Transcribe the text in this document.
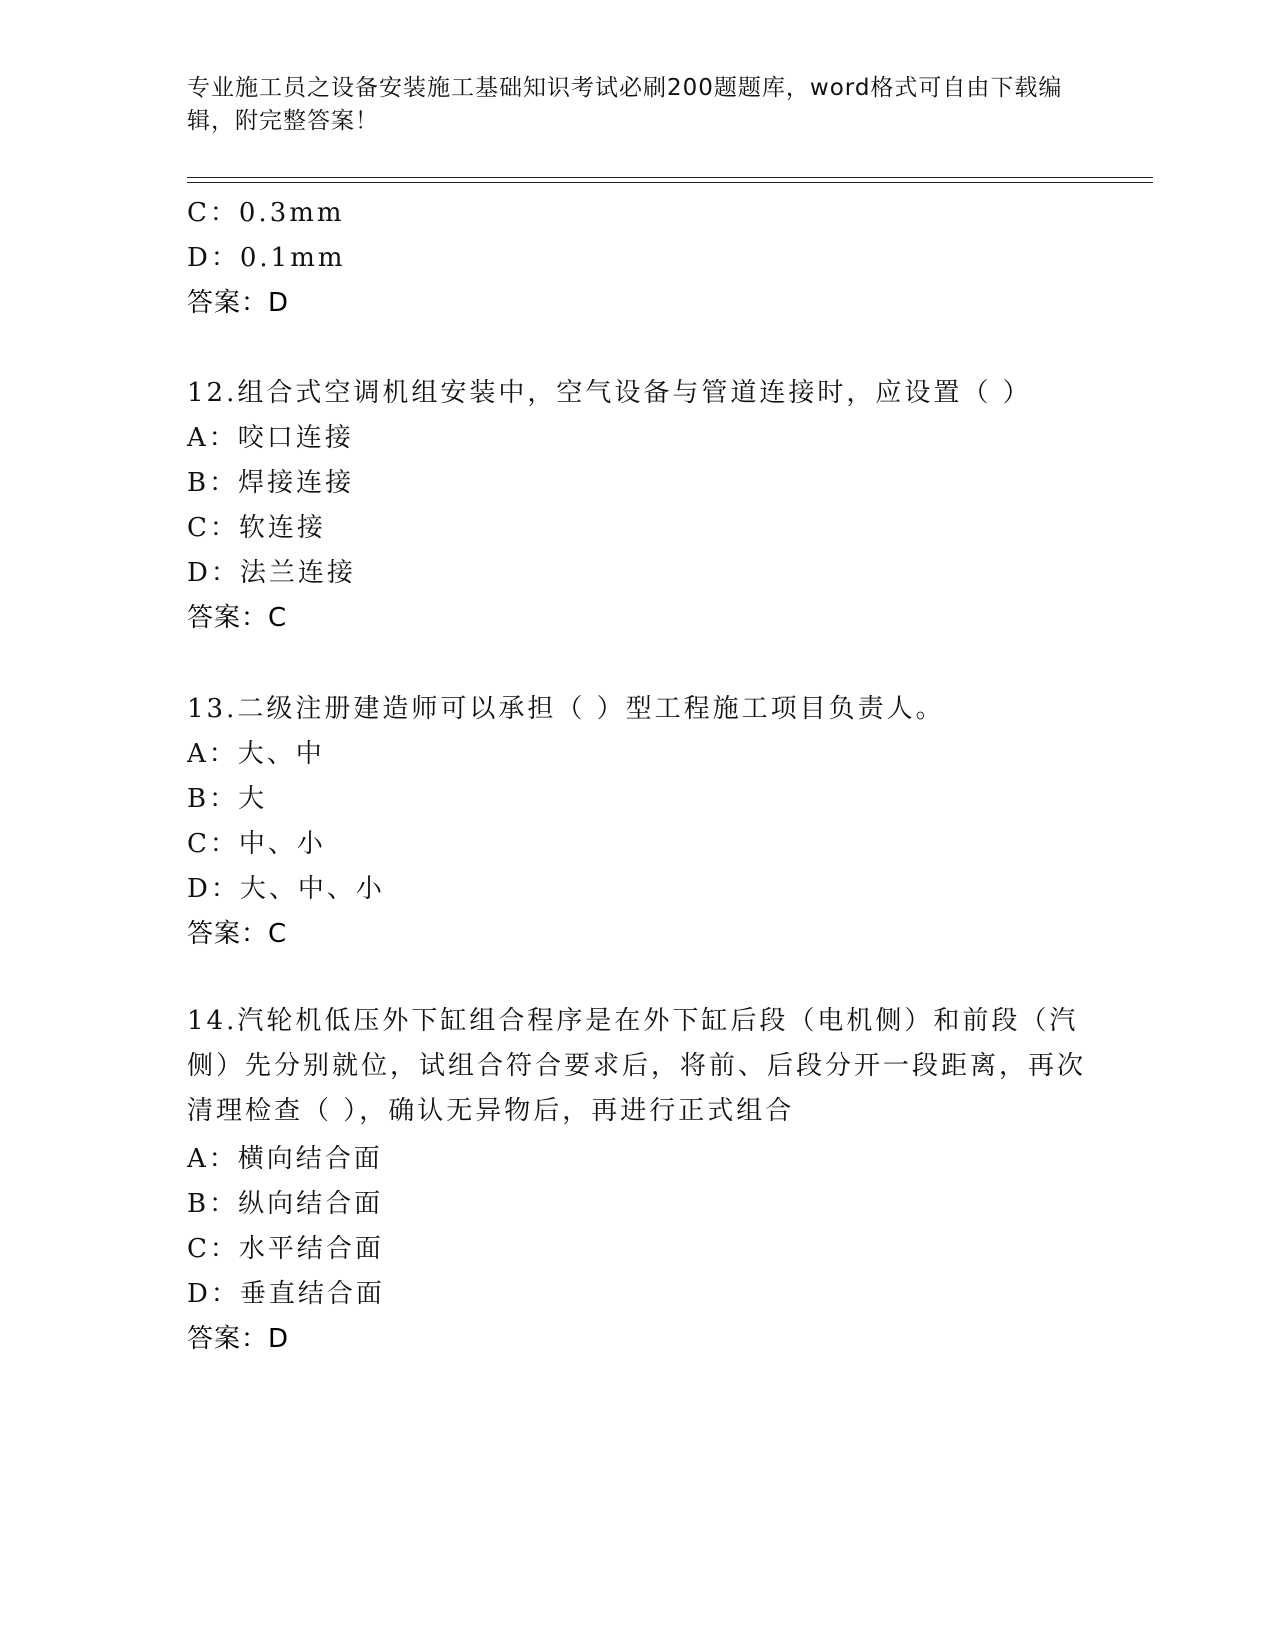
专业施工员之设备安装施工基础知识考试必刷200题题库，word格式可自由下载编辑，附完整答案！
C：0.3mm
D：0.1mm
答案：D
12.组合式空调机组安装中，空气设备与管道连接时，应设置（ ）
A：咬口连接
B：焊接连接
C：软连接
D：法兰连接
答案：C
13.二级注册建造师可以承担（ ）型工程施工项目负责人。
A：大、中
B：大
C：中、小
D：大、中、小
答案：C
14.汽轮机低压外下缸组合程序是在外下缸后段（电机侧）和前段（汽侧）先分别就位，试组合符合要求后，将前、后段分开一段距离，再次清理检查（ ），确认无异物后，再进行正式组合
A：横向结合面
B：纵向结合面
C：水平结合面
D：垂直结合面
答案：D
